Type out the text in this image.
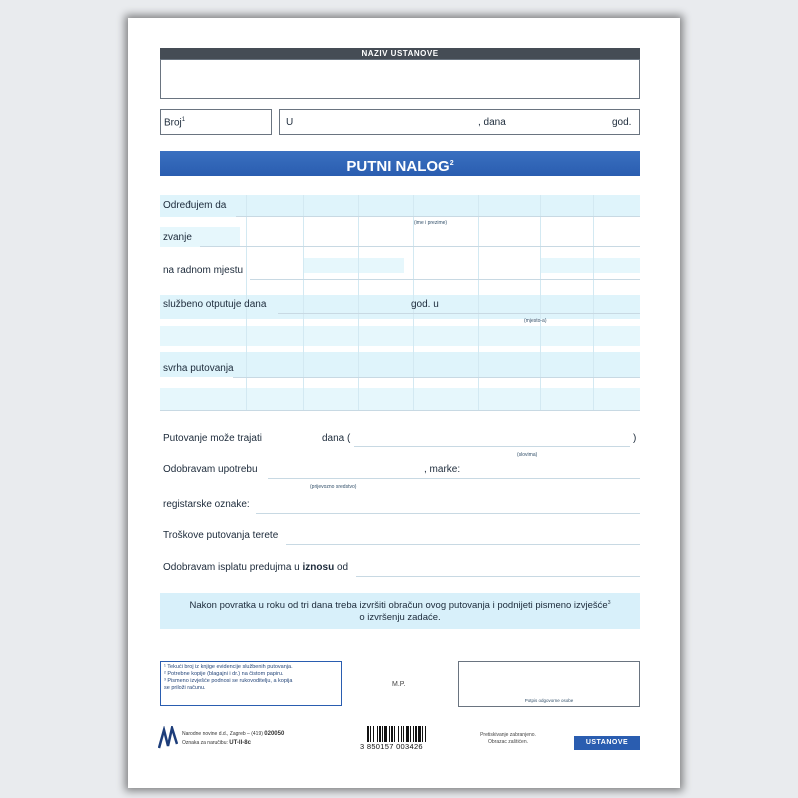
NAZIV USTANOVE
Broj$^1$	U	, dana	god.
PUTNI NALOG$^2$
Određujem da
(ime i prezime)
zvanje
na radnom mjestu
službeno otputuje dana	god. u
(mjesto-a)
svrha putovanja
Putovanje može trajati	dana (	)
(slovima)
Odobravam upotrebu	, marke:
(prijevozno sredstvo)
registarske oznake:
Troškove putovanja terete
Odobravam isplatu predujma u iznosu od
Nakon povratka u roku od tri dana treba izvršiti obračun ovog putovanja i podnijeti pismeno izvješće$^3$
o izvršenju zadaće.
¹ Tekući broj iz knjige evidencije službenih putovanja.
² Potrebne kopije (blagajni i dr.) na čistom papiru.
³ Pismeno izvješće podnosi se rukovoditelju, a kopija
se priloži računu.	M.P.
Potpis odgovorne osobe
Narodne novine d.d., Zagreb – (419) 020050
Oznaka za naručibu: UT-II-8c	3 850157 003426
Pretiskivanje zabranjeno.
Obrazac zaštićen.	USTANOVE
